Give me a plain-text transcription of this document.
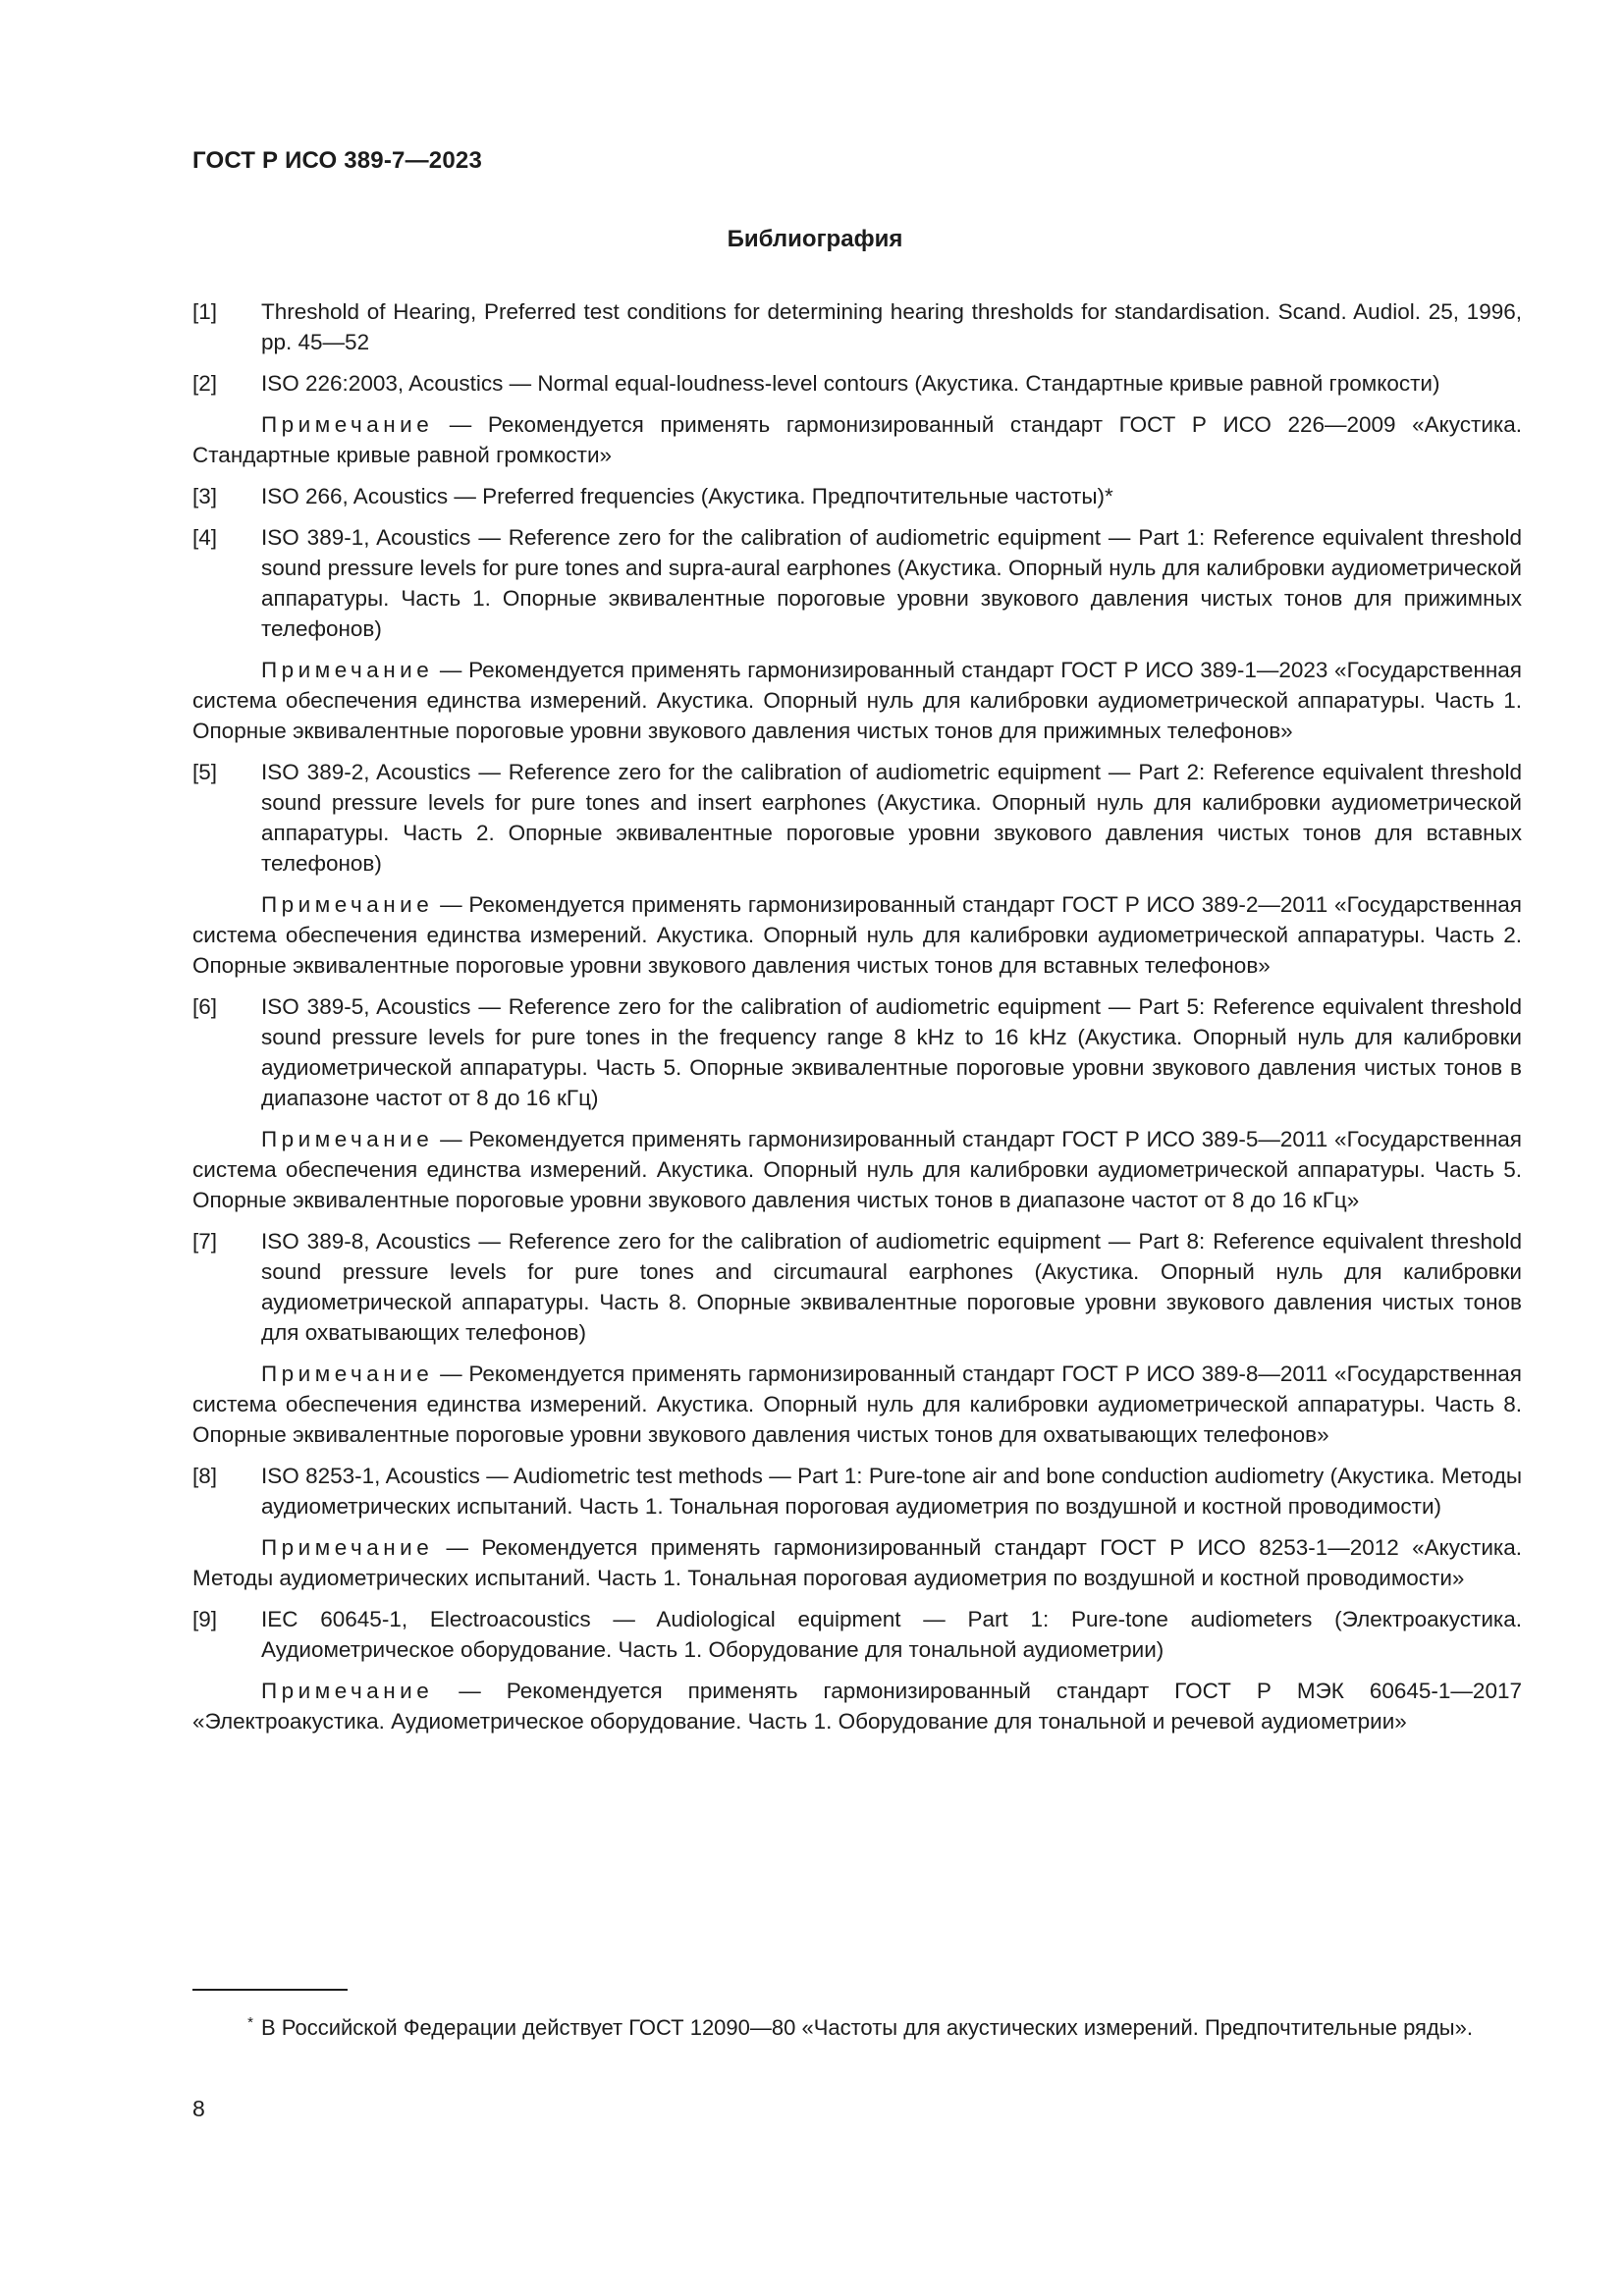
ГОСТ Р ИСО 389-7—2023
Библиография
[1]	Threshold of Hearing, Preferred test conditions for determining hearing thresholds for standardisation. Scand. Audiol. 25, 1996, pp. 45—52
[2]	ISO 226:2003, Acoustics — Normal equal-loudness-level contours (Акустика. Стандартные кривые равной громкости)
Примечание — Рекомендуется применять гармонизированный стандарт ГОСТ Р ИСО 226—2009 «Акустика. Стандартные кривые равной громкости»
[3]	ISO 266, Acoustics — Preferred frequencies (Акустика. Предпочтительные частоты)*
[4]	ISO 389-1, Acoustics — Reference zero for the calibration of audiometric equipment — Part 1: Reference equivalent threshold sound pressure levels for pure tones and supra-aural earphones (Акустика. Опорный нуль для калибровки аудиометрической аппаратуры. Часть 1. Опорные эквивалентные пороговые уровни звукового давления чистых тонов для прижимных телефонов)
Примечание — Рекомендуется применять гармонизированный стандарт ГОСТ Р ИСО 389-1—2023 «Государственная система обеспечения единства измерений. Акустика. Опорный нуль для калибровки аудиометрической аппаратуры. Часть 1. Опорные эквивалентные пороговые уровни звукового давления чистых тонов для прижимных телефонов»
[5]	ISO 389-2, Acoustics — Reference zero for the calibration of audiometric equipment — Part 2: Reference equivalent threshold sound pressure levels for pure tones and insert earphones (Акустика. Опорный нуль для калибровки аудиометрической аппаратуры. Часть 2. Опорные эквивалентные пороговые уровни звукового давления чистых тонов для вставных телефонов)
Примечание — Рекомендуется применять гармонизированный стандарт ГОСТ Р ИСО 389-2—2011 «Государственная система обеспечения единства измерений. Акустика. Опорный нуль для калибровки аудиометрической аппаратуры. Часть 2. Опорные эквивалентные пороговые уровни звукового давления чистых тонов для вставных телефонов»
[6]	ISO 389-5, Acoustics — Reference zero for the calibration of audiometric equipment — Part 5: Reference equivalent threshold sound pressure levels for pure tones in the frequency range 8 kHz to 16 kHz (Акустика. Опорный нуль для калибровки аудиометрической аппаратуры. Часть 5. Опорные эквивалентные пороговые уровни звукового давления чистых тонов в диапазоне частот от 8 до 16 кГц)
Примечание — Рекомендуется применять гармонизированный стандарт ГОСТ Р ИСО 389-5—2011 «Государственная система обеспечения единства измерений. Акустика. Опорный нуль для калибровки аудиометрической аппаратуры. Часть 5. Опорные эквивалентные пороговые уровни звукового давления чистых тонов в диапазоне частот от 8 до 16 кГц»
[7]	ISO 389-8, Acoustics — Reference zero for the calibration of audiometric equipment — Part 8: Reference equivalent threshold sound pressure levels for pure tones and circumaural earphones (Акустика. Опорный нуль для калибровки аудиометрической аппаратуры. Часть 8. Опорные эквивалентные пороговые уровни звукового давления чистых тонов для охватывающих телефонов)
Примечание — Рекомендуется применять гармонизированный стандарт ГОСТ Р ИСО 389-8—2011 «Государственная система обеспечения единства измерений. Акустика. Опорный нуль для калибровки аудиометрической аппаратуры. Часть 8. Опорные эквивалентные пороговые уровни звукового давления чистых тонов для охватывающих телефонов»
[8]	ISO 8253-1, Acoustics — Audiometric test methods — Part 1: Pure-tone air and bone conduction audiometry (Акустика. Методы аудиометрических испытаний. Часть 1. Тональная пороговая аудиометрия по воздушной и костной проводимости)
Примечание — Рекомендуется применять гармонизированный стандарт ГОСТ Р ИСО 8253-1—2012 «Акустика. Методы аудиометрических испытаний. Часть 1. Тональная пороговая аудиометрия по воздушной и костной проводимости»
[9]	IEC 60645-1, Electroacoustics — Audiological equipment — Part 1: Pure-tone audiometers (Электроакустика. Аудиометрическое оборудование. Часть 1. Оборудование для тональной аудиометрии)
Примечание — Рекомендуется применять гармонизированный стандарт ГОСТ Р МЭК 60645-1—2017 «Электроакустика. Аудиометрическое оборудование. Часть 1. Оборудование для тональной и речевой аудиометрии»
* В Российской Федерации действует ГОСТ 12090—80 «Частоты для акустических измерений. Предпочтительные ряды».
8
